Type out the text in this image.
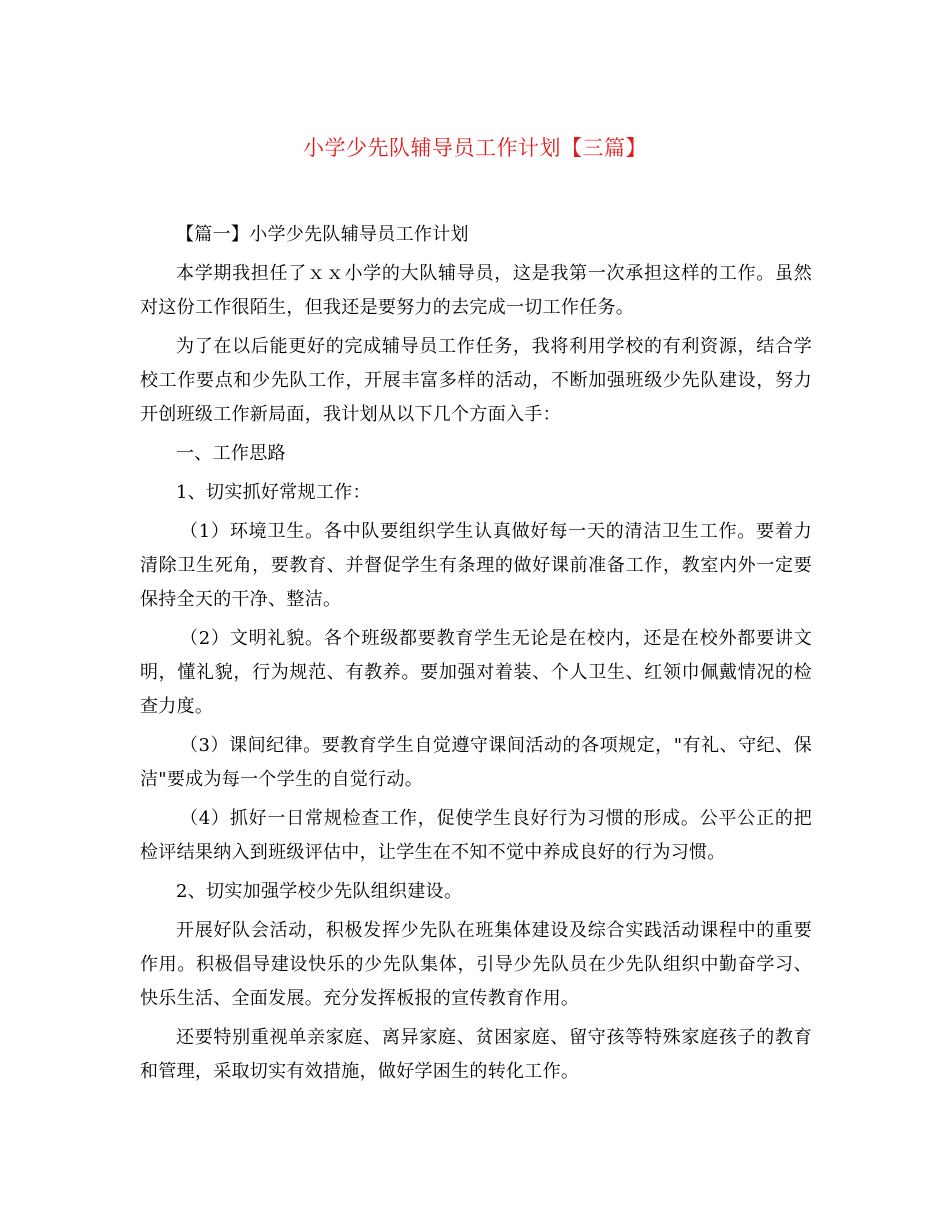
小学少先队辅导员工作计划【三篇】

【篇一】小学少先队辅导员工作计划

本学期我担任了ｘｘ小学的大队辅导员，这是我第一次承担这样的工作。虽然对这份工作很陌生，但我还是要努力的去完成一切工作任务。

为了在以后能更好的完成辅导员工作任务，我将利用学校的有利资源，结合学校工作要点和少先队工作，开展丰富多样的活动，不断加强班级少先队建设，努力开创班级工作新局面，我计划从以下几个方面入手：

一、工作思路

1、切实抓好常规工作：

（1）环境卫生。各中队要组织学生认真做好每一天的清洁卫生工作。要着力清除卫生死角，要教育、并督促学生有条理的做好课前准备工作，教室内外一定要保持全天的干净、整洁。

（2）文明礼貌。各个班级都要教育学生无论是在校内，还是在校外都要讲文明，懂礼貌，行为规范、有教养。要加强对着装、个人卫生、红领巾佩戴情况的检查力度。

（3）课间纪律。要教育学生自觉遵守课间活动的各项规定，"有礼、守纪、保洁"要成为每一个学生的自觉行动。

（4）抓好一日常规检查工作，促使学生良好行为习惯的形成。公平公正的把检评结果纳入到班级评估中，让学生在不知不觉中养成良好的行为习惯。

2、切实加强学校少先队组织建设。

开展好队会活动，积极发挥少先队在班集体建设及综合实践活动课程中的重要作用。积极倡导建设快乐的少先队集体，引导少先队员在少先队组织中勤奋学习、快乐生活、全面发展。充分发挥板报的宣传教育作用。

还要特别重视单亲家庭、离异家庭、贫困家庭、留守孩等特殊家庭孩子的教育和管理，采取切实有效措施，做好学困生的转化工作。
